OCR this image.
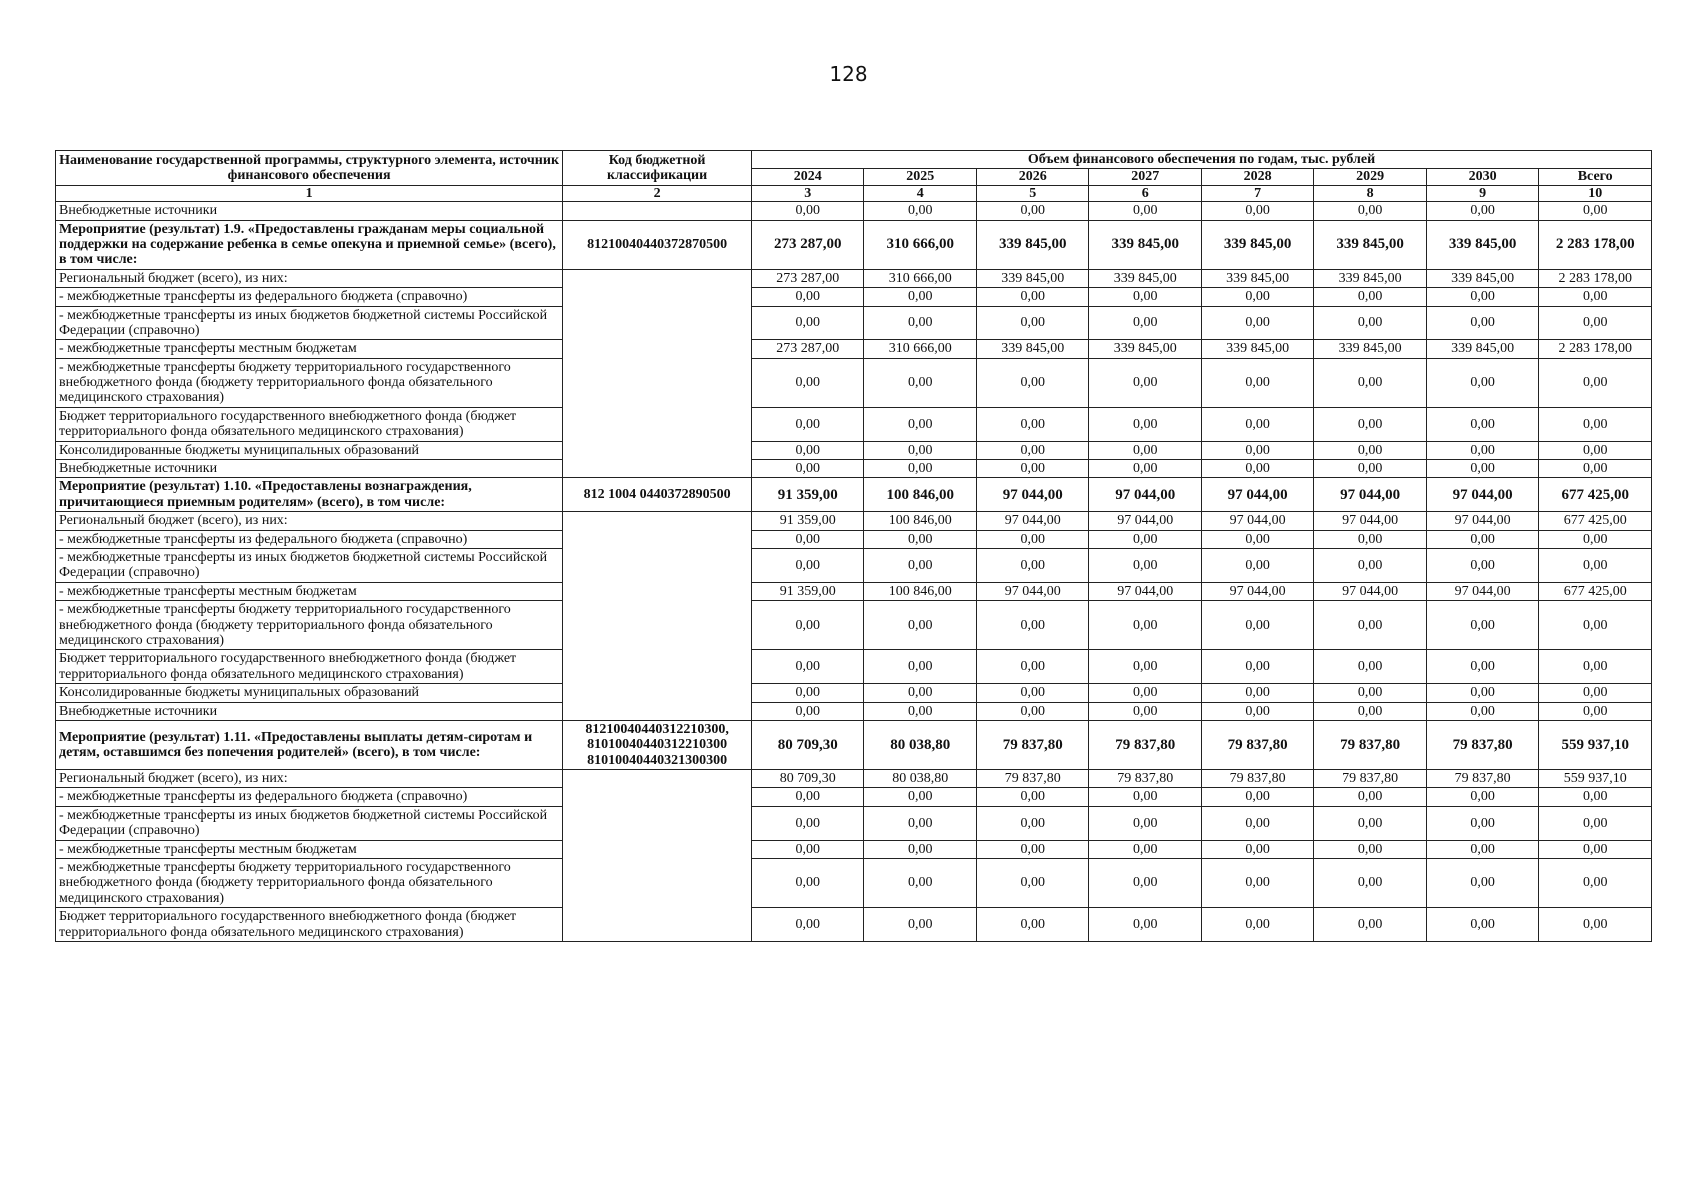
128
Наименование государственной программы, структурного элемента, источник финансового обеспечения	Код бюджетной классификации	Объем финансового обеспечения по годам, тыс. рублей							
		2024	2025	2026	2027	2028	2029	2030	Всего
1	2	3	4	5	6	7	8	9	10
Внебюджетные источники		0,00	0,00	0,00	0,00	0,00	0,00	0,00	0,00
Мероприятие (результат) 1.9. «Предоставлены гражданам меры социальной поддержки на содержание ребенка в семье опекуна и приемной семье» (всего), в том числе:	81210040440372870500	273 287,00	310 666,00	339 845,00	339 845,00	339 845,00	339 845,00	339 845,00	2 283 178,00
Региональный бюджет (всего), из них:		273 287,00	310 666,00	339 845,00	339 845,00	339 845,00	339 845,00	339 845,00	2 283 178,00
- межбюджетные трансферты из федерального бюджета (справочно)		0,00	0,00	0,00	0,00	0,00	0,00	0,00	0,00
- межбюджетные трансферты из иных бюджетов бюджетной системы Российской Федерации (справочно)		0,00	0,00	0,00	0,00	0,00	0,00	0,00	0,00
- межбюджетные трансферты местным бюджетам		273 287,00	310 666,00	339 845,00	339 845,00	339 845,00	339 845,00	339 845,00	2 283 178,00
- межбюджетные трансферты бюджету территориального государственного внебюджетного фонда (бюджету территориального фонда обязательного медицинского страхования)		0,00	0,00	0,00	0,00	0,00	0,00	0,00	0,00
Бюджет территориального государственного внебюджетного фонда (бюджет территориального фонда обязательного медицинского страхования)		0,00	0,00	0,00	0,00	0,00	0,00	0,00	0,00
Консолидированные бюджеты муниципальных образований		0,00	0,00	0,00	0,00	0,00	0,00	0,00	0,00
Внебюджетные источники		0,00	0,00	0,00	0,00	0,00	0,00	0,00	0,00
Мероприятие (результат) 1.10. «Предоставлены вознаграждения, причитающиеся приемным родителям» (всего), в том числе:	812 1004 0440372890500	91 359,00	100 846,00	97 044,00	97 044,00	97 044,00	97 044,00	97 044,00	677 425,00
Региональный бюджет (всего), из них:		91 359,00	100 846,00	97 044,00	97 044,00	97 044,00	97 044,00	97 044,00	677 425,00
- межбюджетные трансферты из федерального бюджета (справочно)		0,00	0,00	0,00	0,00	0,00	0,00	0,00	0,00
- межбюджетные трансферты из иных бюджетов бюджетной системы Российской Федерации (справочно)		0,00	0,00	0,00	0,00	0,00	0,00	0,00	0,00
- межбюджетные трансферты местным бюджетам		91 359,00	100 846,00	97 044,00	97 044,00	97 044,00	97 044,00	97 044,00	677 425,00
- межбюджетные трансферты бюджету территориального государственного внебюджетного фонда (бюджету территориального фонда обязательного медицинского страхования)		0,00	0,00	0,00	0,00	0,00	0,00	0,00	0,00
Бюджет территориального государственного внебюджетного фонда (бюджет территориального фонда обязательного медицинского страхования)		0,00	0,00	0,00	0,00	0,00	0,00	0,00	0,00
Консолидированные бюджеты муниципальных образований		0,00	0,00	0,00	0,00	0,00	0,00	0,00	0,00
Внебюджетные источники		0,00	0,00	0,00	0,00	0,00	0,00	0,00	0,00
Мероприятие (результат) 1.11. «Предоставлены выплаты детям-сиротам и детям, оставшимся без попечения родителей» (всего), в том числе:	81210040440312210300,
81010040440312210300
81010040440321300300	80 709,30	80 038,80	79 837,80	79 837,80	79 837,80	79 837,80	79 837,80	559 937,10
Региональный бюджет (всего), из них:		80 709,30	80 038,80	79 837,80	79 837,80	79 837,80	79 837,80	79 837,80	559 937,10
- межбюджетные трансферты из федерального бюджета (справочно)		0,00	0,00	0,00	0,00	0,00	0,00	0,00	0,00
- межбюджетные трансферты из иных бюджетов бюджетной системы Российской Федерации (справочно)		0,00	0,00	0,00	0,00	0,00	0,00	0,00	0,00
- межбюджетные трансферты местным бюджетам		0,00	0,00	0,00	0,00	0,00	0,00	0,00	0,00
- межбюджетные трансферты бюджету территориального государственного внебюджетного фонда (бюджету территориального фонда обязательного медицинского страхования)		0,00	0,00	0,00	0,00	0,00	0,00	0,00	0,00
Бюджет территориального государственного внебюджетного фонда (бюджет территориального фонда обязательного медицинского страхования)		0,00	0,00	0,00	0,00	0,00	0,00	0,00	0,00
